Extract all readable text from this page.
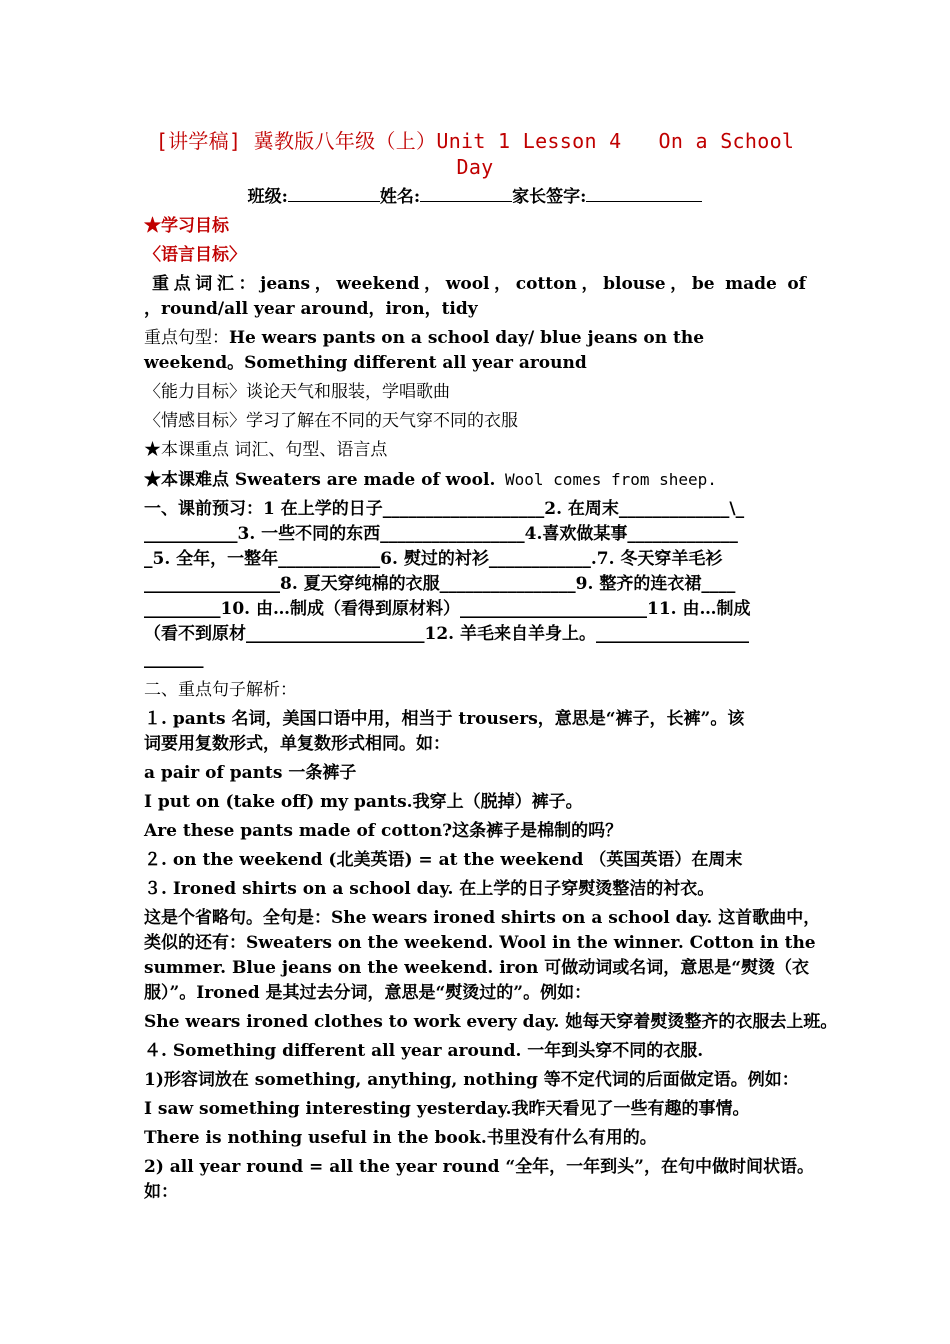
[讲学稿] 冀教版八年级（上）Unit 1 Lesson 4   On a School
Day
班级:	姓名:	家长签字:

★学习目标

〈语言目标〉

重点词汇：jeans，weekend，wool，cotton，blouse，be made of
，round/all year around，iron，tidy

重点句型：He wears pants on a school day/ blue jeans on the
weekend。Something different all year around

〈能力目标〉谈论天气和服装，学唱歌曲

〈情感目标〉学习了解在不同的天气穿不同的衣服

★本课重点 词汇、句型、语言点

★本课难点 Sweaters are made of wool. Wool comes from sheep.

一、课前预习：1 在上学的日子___________________2. 在周末_____________\_
___________3. 一些不同的东西_________________4.喜欢做某事_____________
_5. 全年，一整年____________6. 熨过的衬衫____________.7. 冬天穿羊毛衫
________________8. 夏天穿纯棉的衣服________________9. 整齐的连衣裙____
_________10. 由…制成（看得到原材料）______________________11. 由…制成
（看不到原材_____________________12. 羊毛来自羊身上。__________________
_______

二、重点句子解析：

１. pants 名词，美国口语中用，相当于 trousers，意思是“裤子，长裤”。该
词要用复数形式，单复数形式相同。如：

a pair of pants 一条裤子

I put on (take off) my pants.我穿上（脱掉）裤子。

Are these pants made of cotton?这条裤子是棉制的吗？

２. on the weekend (北美英语) = at the weekend （英国英语）在周末

３. Ironed shirts on a school day. 在上学的日子穿熨烫整洁的衬衣。

这是个省略句。全句是：She wears ironed shirts on a school day. 这首歌曲中，
类似的还有：Sweaters on the weekend. Wool in the winner. Cotton in the
summer. Blue jeans on the weekend. iron 可做动词或名词，意思是“熨烫（衣
服）”。Ironed 是其过去分词，意思是“熨烫过的”。例如：

She wears ironed clothes to work every day. 她每天穿着熨烫整齐的衣服去上班。

４. Something different all year around. 一年到头穿不同的衣服.

1)形容词放在 something, anything, nothing 等不定代词的后面做定语。例如：

I saw something interesting yesterday.我昨天看见了一些有趣的事情。

There is nothing useful in the book.书里没有什么有用的。

2) all year round = all the year round “全年，一年到头”，在句中做时间状语。
如：
